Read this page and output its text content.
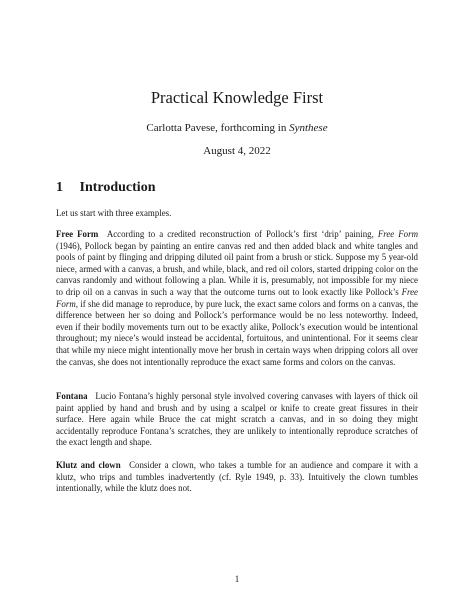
Practical Knowledge First
Carlotta Pavese, forthcoming in Synthese
August 4, 2022
1 Introduction

Let us start with three examples.

Free Form According to a credited reconstruction of Pollock’s first ‘drip’ paining, Free Form (1946), Pollock began by painting an entire canvas red and then added black and white tangles and pools of paint by flinging and dripping diluted oil paint from a brush or stick. Suppose my 5 year-old niece, armed with a canvas, a brush, and while, black, and red oil colors, started dripping color on the canvas randomly and without following a plan. While it is, presumably, not impossible for my niece to drip oil on a canvas in such a way that the outcome turns out to look exactly like Pollock’s Free Form, if she did manage to reproduce, by pure luck, the exact same colors and forms on a canvas, the difference between her so doing and Pollock’s performance would be no less noteworthy. Indeed, even if their bodily movements turn out to be exactly alike, Pollock’s execution would be intentional throughout; my niece’s would instead be accidental, fortuitous, and unintentional. For it seems clear that while my niece might intentionally move her brush in certain ways when dripping colors all over the canvas, she does not intentionally reproduce the exact same forms and colors on the canvas.

Fontana Lucio Fontana’s highly personal style involved covering canvases with layers of thick oil paint applied by hand and brush and by using a scalpel or knife to create great fissures in their surface. Here again while Bruce the cat might scratch a canvas, and in so doing they might accidentally reproduce Fontana’s scratches, they are unlikely to intentionally reproduce scratches of the exact length and shape.

Klutz and clown Consider a clown, who takes a tumble for an audience and compare it with a klutz, who trips and tumbles inadvertently (cf. Ryle 1949, p. 33). Intuitively the clown tumbles intentionally, while the klutz does not.

1
